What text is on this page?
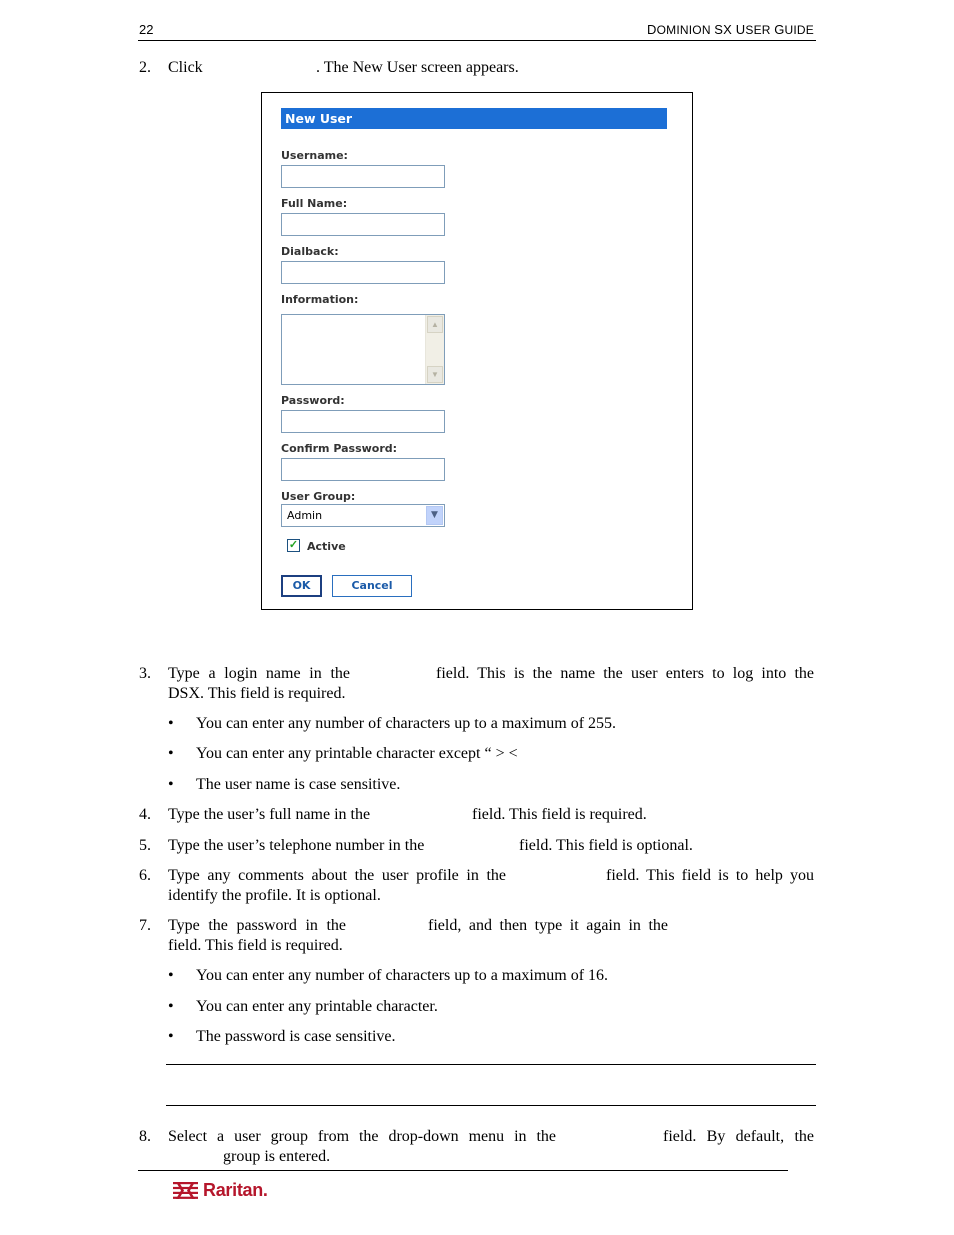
22	DOMINION SX USER GUIDE
2. Click	. The New User screen appears.
New User
Username:
Full Name:
Dialback:
Information:
▲
▼
Password:
Confirm Password:
User Group:
Admin	▼
✓ Active
OK	Cancel
3. Type a login name in the	field. This is the name the user enters to log into the
DSX. This field is required.
• You can enter any number of characters up to a maximum of 255.
• You can enter any printable character except “ > <
• The user name is case sensitive.
4. Type the user’s full name in the	field. This field is required.
5. Type the user’s telephone number in the	field. This field is optional.
6. Type any comments about the user profile in the	field. This field is to help you
identify the profile. It is optional.
7. Type the password in the	field, and then type it again in the
field. This field is required.
• You can enter any number of characters up to a maximum of 16.
• You can enter any printable character.
• The password is case sensitive.
8. Select a user group from the drop-down menu in the	field. By default, the
group is entered.
Raritan.
